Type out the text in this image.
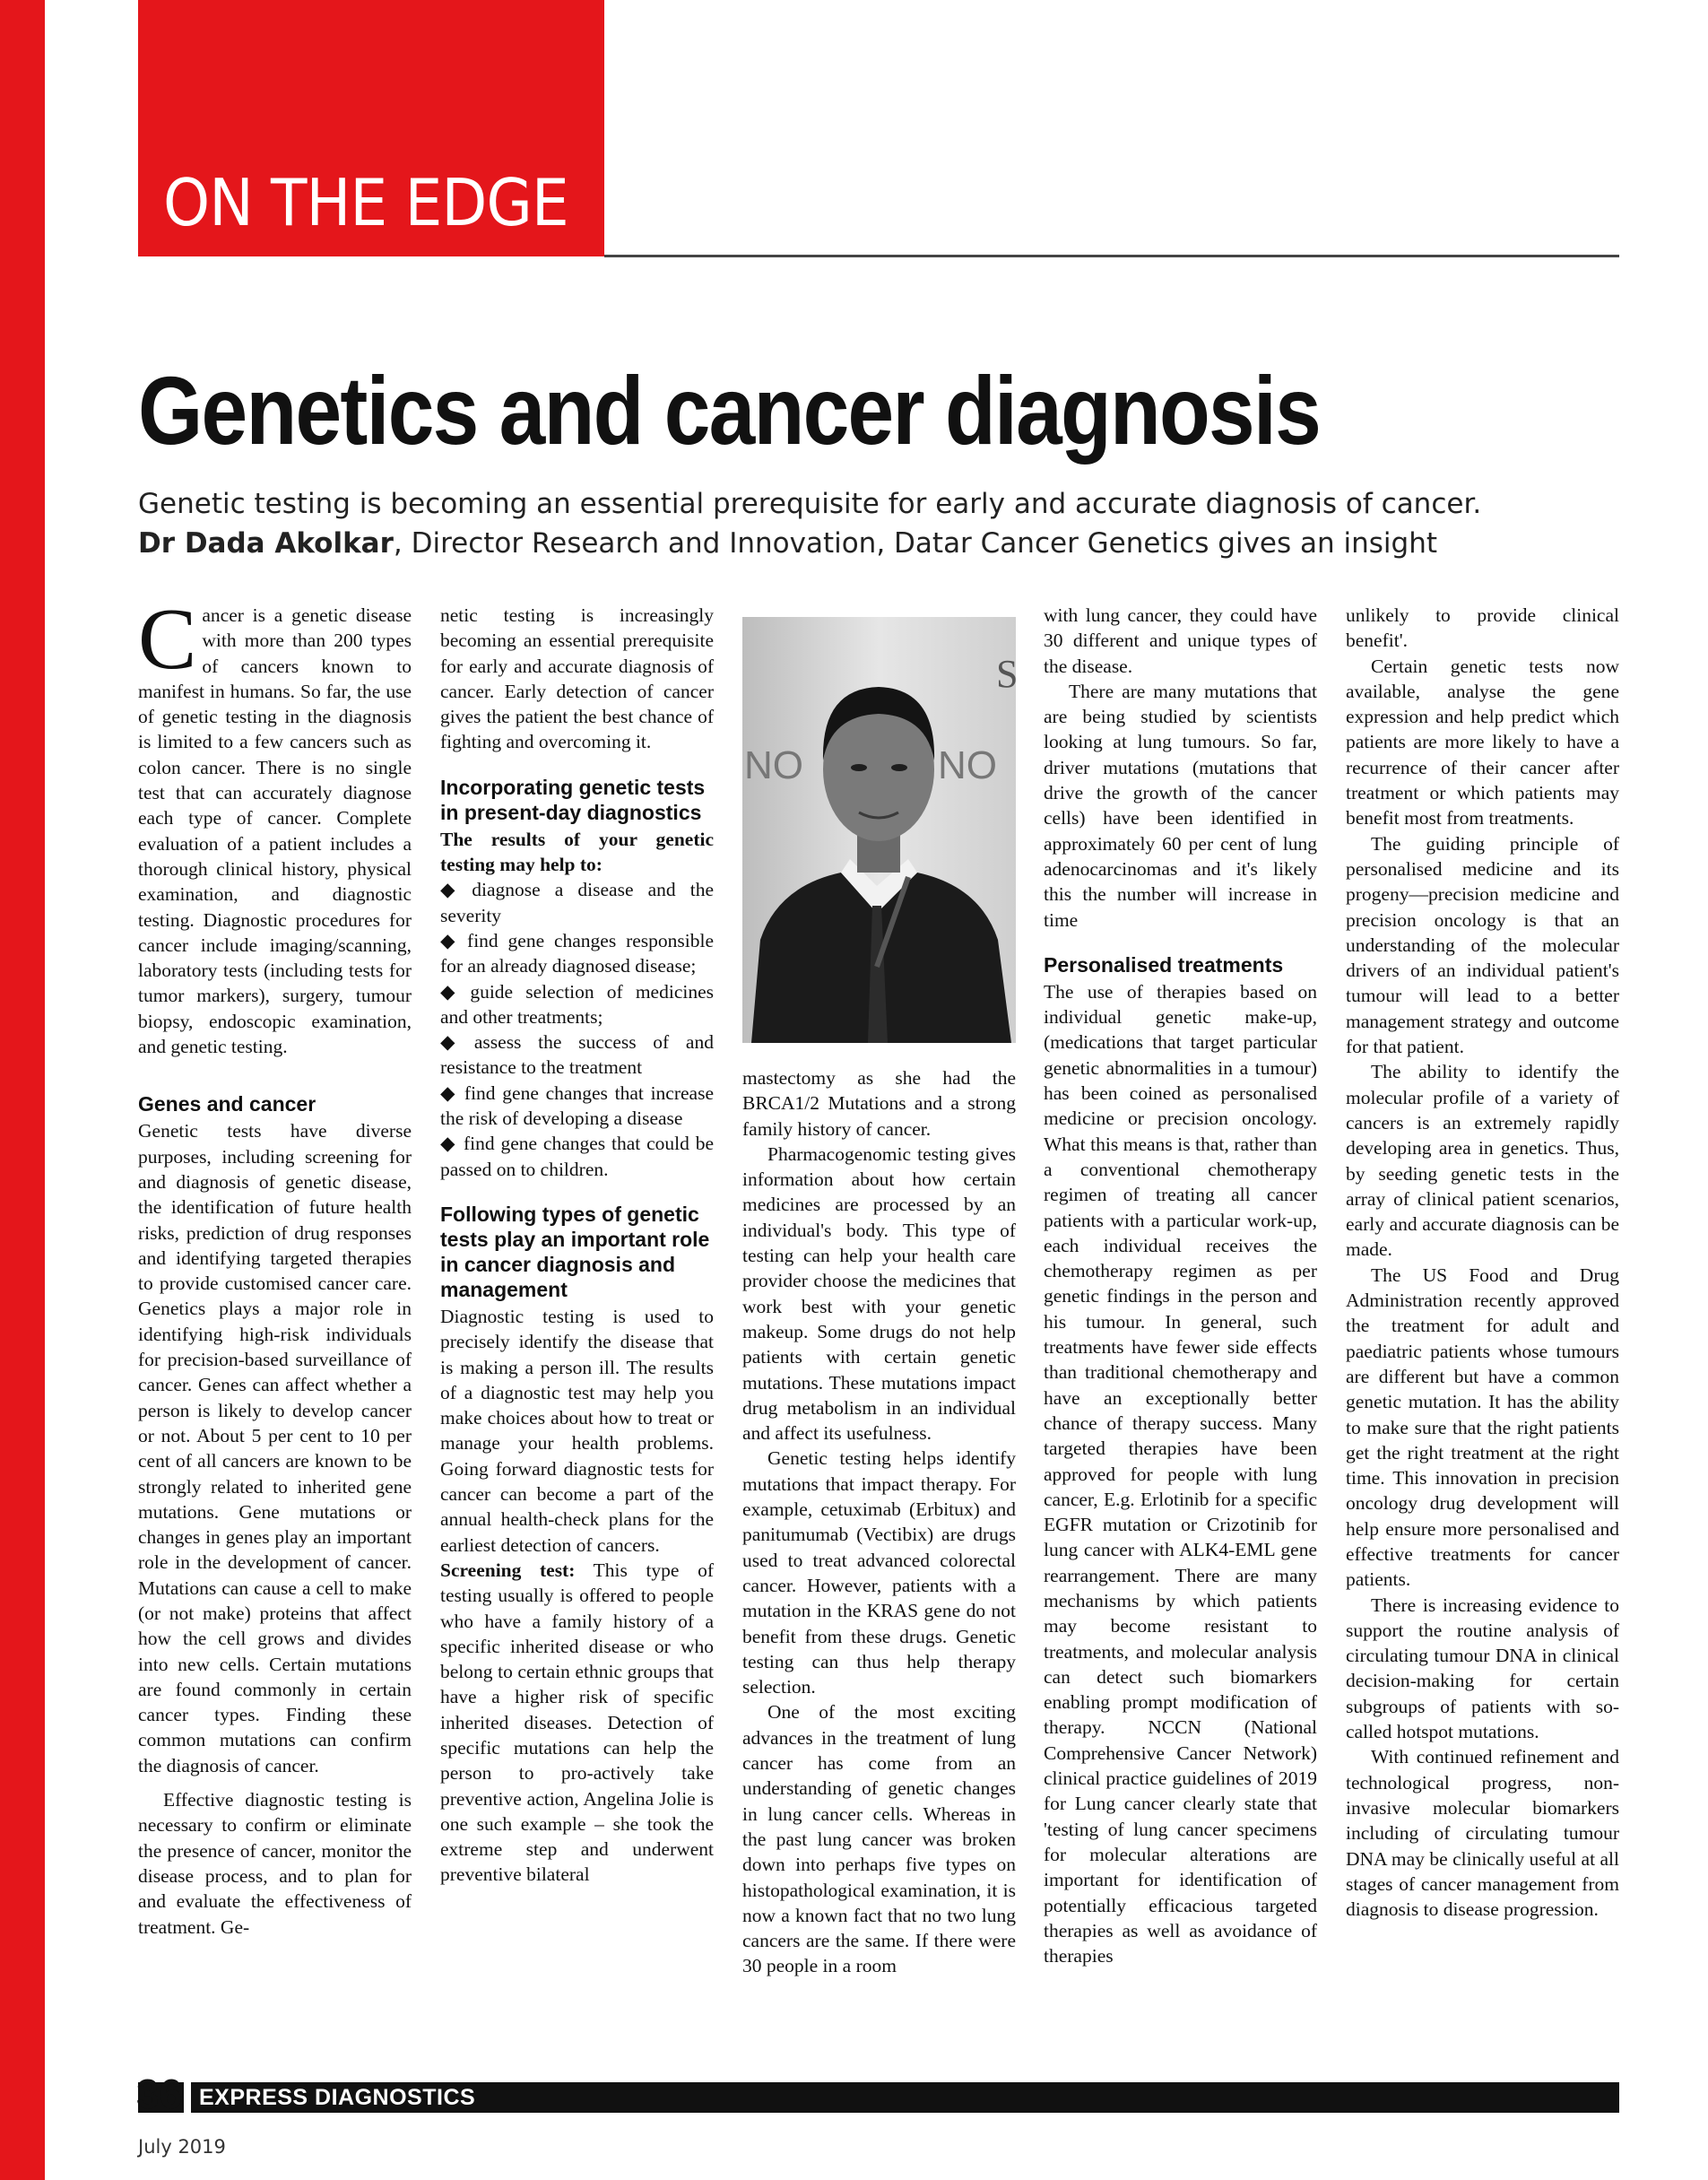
ON THE EDGE
Genetics and cancer diagnosis

Genetic testing is becoming an essential prerequisite for early and accurate diagnosis of cancer.

Dr Dada Akolkar, Director Research and Innovation, Datar Cancer Genetics gives an insight

Cancer is a genetic disease with more than 200 types of cancers known to manifest in humans. So far, the use of genetic testing in the diagnosis is limited to a few cancers such as colon cancer. There is no single test that can accurately diagnose each type of cancer. Complete evaluation of a patient includes a thorough clinical history, physical examination, and diagnostic testing. Diagnostic procedures for cancer include imaging/scanning, laboratory tests (including tests for tumor markers), surgery, tumour biopsy, endoscopic examination, and genetic testing.

Genes and cancer

Genetic tests have diverse purposes, including screening for and diagnosis of genetic disease, the identification of future health risks, prediction of drug responses and identifying targeted therapies to provide customised cancer care. Genetics plays a major role in identifying high-risk individuals for precision-based surveillance of cancer. Genes can affect whether a person is likely to develop cancer or not. About 5 per cent to 10 per cent of all cancers are known to be strongly related to inherited gene mutations. Gene mutations or changes in genes play an important role in the development of cancer. Mutations can cause a cell to make (or not make) proteins that affect how the cell grows and divides into new cells. Certain mutations are found commonly in certain cancer types. Finding these common mutations can confirm the diagnosis of cancer.

Effective diagnostic testing is necessary to confirm or eliminate the presence of cancer, monitor the disease process, and to plan for and evaluate the effectiveness of treatment. Ge-

netic testing is increasingly becoming an essential prerequisite for early and accurate diagnosis of cancer. Early detection of cancer gives the patient the best chance of fighting and overcoming it.

Incorporating genetic tests in present-day diagnostics

The results of your genetic testing may help to:

◆ diagnose a disease and the severity

◆ find gene changes responsible for an already diagnosed disease;

◆ guide selection of medicines and other treatments;

◆ assess the success of and resistance to the treatment

◆ find gene changes that increase the risk of developing a disease

◆ find gene changes that could be passed on to children.

Following types of genetic tests play an important role in cancer diagnosis and management

Diagnostic testing is used to precisely identify the disease that is making a person ill. The results of a diagnostic test may help you make choices about how to treat or manage your health problems. Going forward diagnostic tests for cancer can become a part of the annual health-check plans for the earliest detection of cancers.

Screening test: This type of testing usually is offered to people who have a family history of a specific inherited disease or who belong to certain ethnic groups that have a higher risk of specific inherited diseases. Detection of specific mutations can help the person to pro-actively take preventive action, Angelina Jolie is one such example – she took the extreme step and underwent preventive bilateral

S
NO	NO

mastectomy as she had the BRCA1/2 Mutations and a strong family history of cancer.

Pharmacogenomic testing gives information about how certain medicines are processed by an individual's body. This type of testing can help your health care provider choose the medicines that work best with your genetic makeup. Some drugs do not help patients with certain genetic mutations. These mutations impact drug metabolism in an individual and affect its usefulness.

Genetic testing helps identify mutations that impact therapy. For example, cetuximab (Erbitux) and panitumumab (Vectibix) are drugs used to treat advanced colorectal cancer. However, patients with a mutation in the KRAS gene do not benefit from these drugs. Genetic testing can thus help therapy selection.

One of the most exciting advances in the treatment of lung cancer has come from an understanding of genetic changes in lung cancer cells. Whereas in the past lung cancer was broken down into perhaps five types on histopathological examination, it is now a known fact that no two lung cancers are the same. If there were 30 people in a room

with lung cancer, they could have 30 different and unique types of the disease.

There are many mutations that are being studied by scientists looking at lung tumours. So far, driver mutations (mutations that drive the growth of the cancer cells) have been identified in approximately 60 per cent of lung adenocarcinomas and it's likely this the number will increase in time

Personalised treatments

The use of therapies based on individual genetic make-up, (medications that target particular genetic abnormalities in a tumour) has been coined as personalised medicine or precision oncology. What this means is that, rather than a conventional chemotherapy regimen of treating all cancer patients with a particular work-up, each individual receives the chemotherapy regimen as per genetic findings in the person and his tumour. In general, such treatments have fewer side effects than traditional chemotherapy and have an exceptionally better chance of therapy success. Many targeted therapies have been approved for people with lung cancer, E.g. Erlotinib for a specific EGFR mutation or Crizotinib for lung cancer with ALK4-EML gene rearrangement. There are many mechanisms by which patients may become resistant to treatments, and molecular analysis can detect such biomarkers enabling prompt modification of therapy. NCCN (National Comprehensive Cancer Network) clinical practice guidelines of 2019 for Lung cancer clearly state that 'testing of lung cancer specimens for molecular alterations are important for identification of potentially efficacious targeted therapies as well as avoidance of therapies

unlikely to provide clinical benefit'.

Certain genetic tests now available, analyse the gene expression and help predict which patients are more likely to have a recurrence of their cancer after treatment or which patients may benefit most from treatments.

The guiding principle of personalised medicine and its progeny—precision medicine and precision oncology is that an understanding of the molecular drivers of an individual patient's tumour will lead to a better management strategy and outcome for that patient.

The ability to identify the molecular profile of a variety of cancers is an extremely rapidly developing area in genetics. Thus, by seeding genetic tests in the array of clinical patient scenarios, early and accurate diagnosis can be made.

The US Food and Drug Administration recently approved the treatment for adult and paediatric patients whose tumours are different but have a common genetic mutation. It has the ability to make sure that the right patients get the right treatment at the right time. This innovation in precision oncology drug development will help ensure more personalised and effective treatments for cancer patients.

There is increasing evidence to support the routine analysis of circulating tumour DNA in clinical decision-making for certain subgroups of patients with so-called hotspot mutations.

With continued refinement and technological progress, non-invasive molecular biomarkers including of circulating tumour DNA may be clinically useful at all stages of cancer management from diagnosis to disease progression.

36 EXPRESS DIAGNOSTICS
July 2019
